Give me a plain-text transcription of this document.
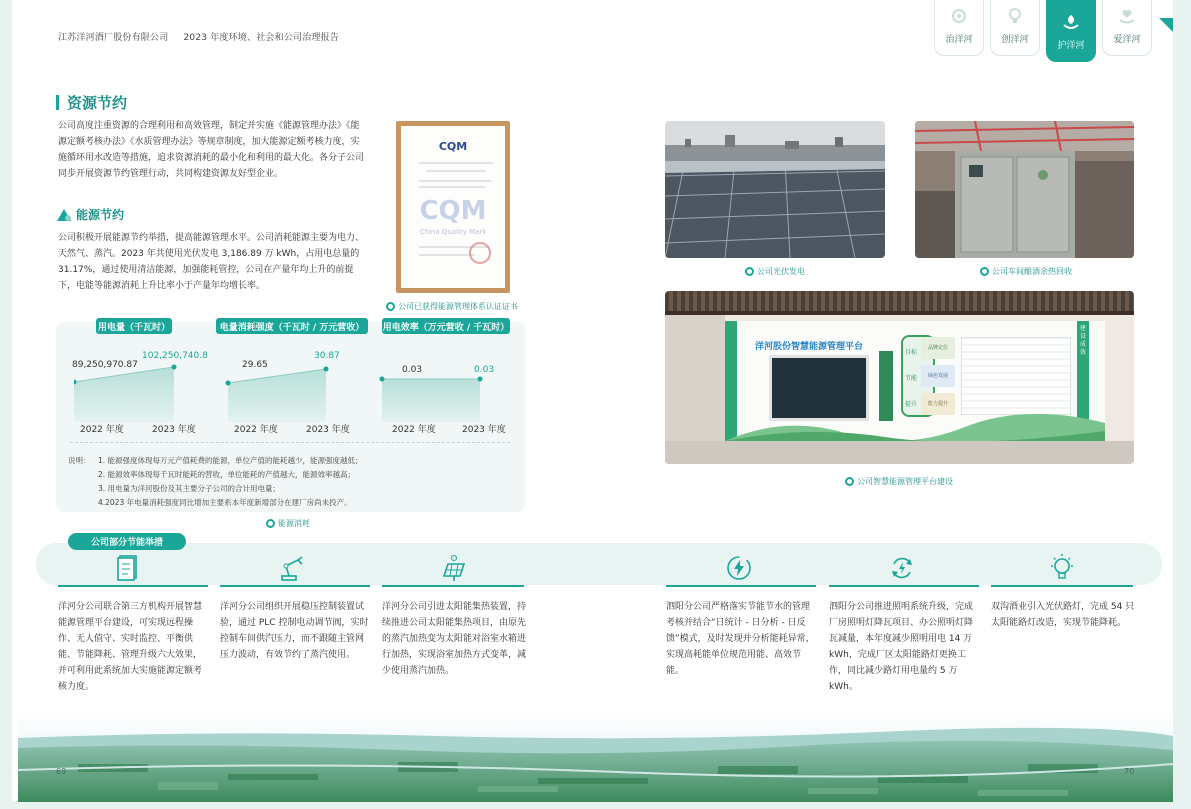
江苏洋河酒厂股份有限公司 2023 年度环境、社会和公司治理报告	治洋河	创洋河
护洋河
爱洋河
资源节约
公司高度注重资源的合理利用和高效管理，制定并实施《能源管理办法》《能源定额考核办法》《水质管理办法》等规章制度，加大能源定额考核力度，实施循环用水改造等措施，追求资源消耗的最小化和利用的最大化。各分子公司同步开展资源节约管理行动，共同构建资源友好型企业。
能源节约
公司积极开展能源节约举措，提高能源管理水平。公司消耗能源主要为电力、天然气、蒸汽。2023 年共使用光伏发电 3,186.89 万 kWh，占用电总量的 31.17%，通过使用清洁能源，加强能耗管控，公司在产量年均上升的前提下，电能等能源消耗上升比率小于产量年均增长率。
CQM
CQM
China Quality Mark
公司已获得能源管理体系认证证书
用电量（千瓦时）	电量消耗强度（千瓦时 / 万元营收）	用电效率（万元营收 / 千瓦时）
89,250,970.87
102,250,740.8
29.65
30.87
0.03	0.03
2022 年度	2023 年度	2022 年度	2023 年度	2022 年度	2023 年度
说明： 1. 能源强度体现每万元产值耗费的能源，单位产值的能耗越少，能源强度越低；
2. 能源效率体现每千瓦时能耗的营收，单位能耗的产值越大，能源效率越高；
3. 用电量为洋河股份及其主要分子公司的合计用电量；
4.2023 年电量消耗强度同比增加主要系本年度新增部分在建厂房尚未投产。
能源消耗
公司光伏发电	公司车间酿酒余热回收
洋河股份智慧能源管理平台
目标
节能
提升
品牌定位
绿色发展
能力提升
建设成效
公司智慧能源管理平台建设
公司部分节能举措
洋河分公司联合第三方机构开展智慧能源管理平台建设，可实现远程操作、无人值守、实时监控、平衡供能、节能降耗、管理升级六大效果，并可利用此系统加大实施能源定额考核力度。
洋河分公司组织开展稳压控制装置试验，通过 PLC 控制电动调节阀，实时控制车间供汽压力，而不跟随主管网压力波动，有效节约了蒸汽使用。
洋河分公司引进太阳能集热装置，持续推进公司太阳能集热项目，由原先的蒸汽加热变为太阳能对浴室水箱进行加热，实现浴室加热方式变革，减少使用蒸汽加热。
泗阳分公司严格落实节能节水的管理考核并结合“日统计 - 日分析 - 日反馈”模式，及时发现并分析能耗异常，实现高耗能单位规范用能、高效节能。
泗阳分公司推进照明系统升级，完成厂房照明灯降瓦项目、办公照明灯降瓦减量，本年度减少照明用电 14 万 kWh，完成厂区太阳能路灯更换工作，同比减少路灯用电量约 5 万 kWh。
双沟酒业引入光伏路灯，完成 54 只太阳能路灯改造，实现节能降耗。
69	70
